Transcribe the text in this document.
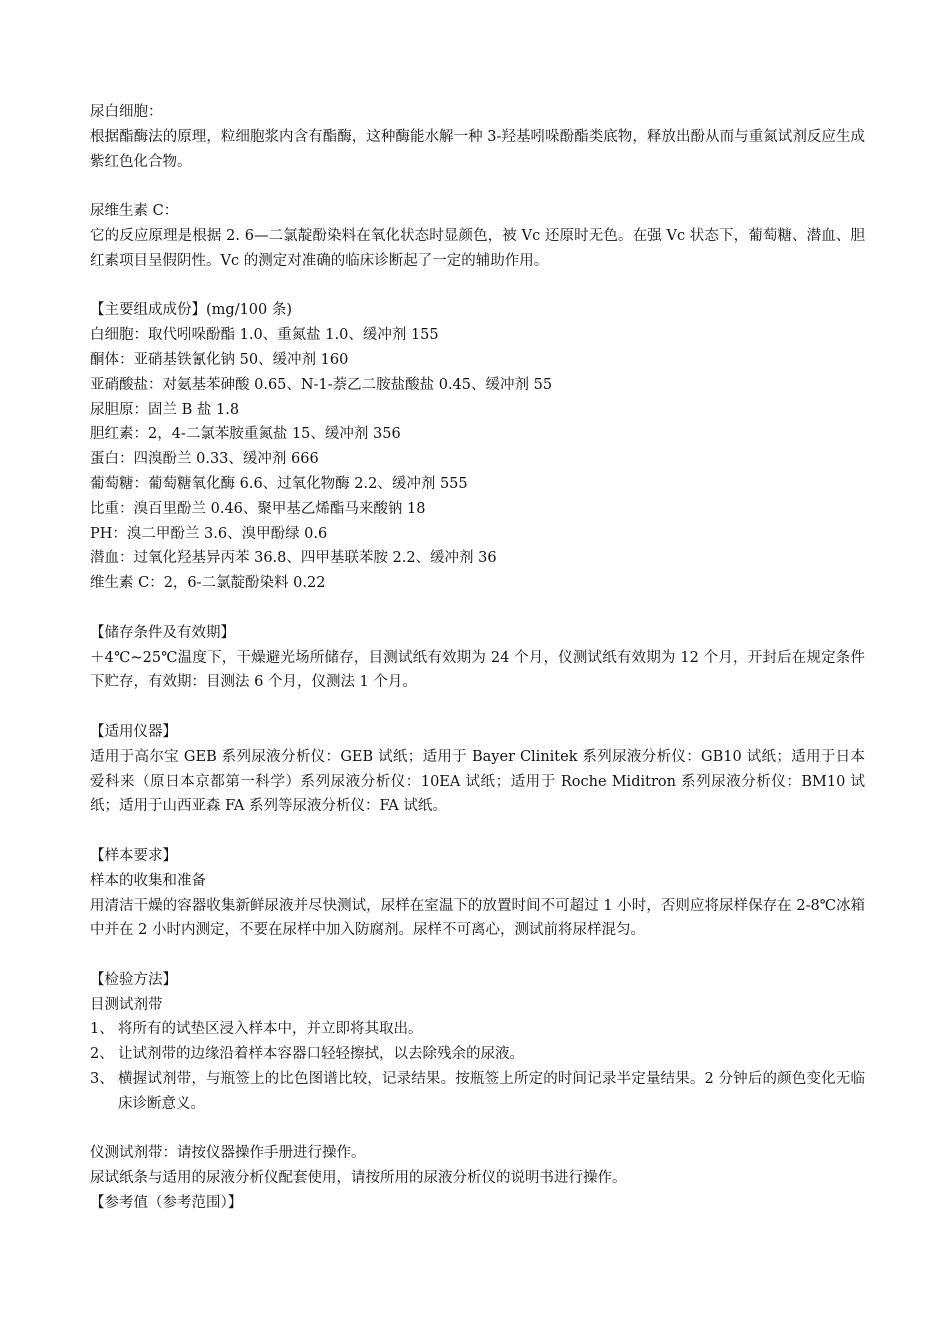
尿白细胞：

根据酯酶法的原理，粒细胞浆内含有酯酶，这种酶能水解一种 3-羟基吲哚酚酯类底物，释放出酚从而与重氮试剂反应生成紫红色化合物。

尿维生素 C：

它的反应原理是根据 2. 6—二氯靛酚染料在氧化状态时显颜色，被 Vc 还原时无色。在强 Vc 状态下，葡萄糖、潜血、胆红素项目呈假阴性。Vc 的测定对准确的临床诊断起了一定的辅助作用。

【主要组成成份】(mg/100 条)

白细胞：取代吲哚酚酯 1.0、重氮盐 1.0、缓冲剂 155

酮体：亚硝基铁氰化钠 50、缓冲剂 160

亚硝酸盐：对氨基苯砷酸 0.65、N-1-萘乙二胺盐酸盐 0.45、缓冲剂 55

尿胆原：固兰 B 盐 1.8

胆红素：2，4-二氯苯胺重氮盐 15、缓冲剂 356

蛋白：四溴酚兰 0.33、缓冲剂 666

葡萄糖：葡萄糖氧化酶 6.6、过氧化物酶 2.2、缓冲剂 555

比重：溴百里酚兰 0.46、聚甲基乙烯酯马来酸钠 18

PH：溴二甲酚兰 3.6、溴甲酚绿 0.6

潜血：过氧化羟基异丙苯 36.8、四甲基联苯胺 2.2、缓冲剂 36

维生素 C：2，6-二氯靛酚染料 0.22

【储存条件及有效期】

＋4℃~25℃温度下，干燥避光场所储存，目测试纸有效期为 24 个月，仪测试纸有效期为 12 个月，开封后在规定条件下贮存，有效期：目测法 6 个月，仪测法 1 个月。

【适用仪器】

适用于高尔宝 GEB 系列尿液分析仪：GEB 试纸；适用于 Bayer Clinitek 系列尿液分析仪：GB10 试纸；适用于日本爱科来（原日本京都第一科学）系列尿液分析仪：10EA 试纸；适用于 Roche Miditron 系列尿液分析仪：BM10 试纸；适用于山西亚森 FA 系列等尿液分析仪：FA 试纸。

【样本要求】

样本的收集和准备

用清洁干燥的容器收集新鲜尿液并尽快测试，尿样在室温下的放置时间不可超过 1 小时，否则应将尿样保存在 2-8℃冰箱中并在 2 小时内测定，不要在尿样中加入防腐剂。尿样不可离心，测试前将尿样混匀。

【检验方法】

目测试剂带

1、 将所有的试垫区浸入样本中，并立即将其取出。
2、 让试剂带的边缘沿着样本容器口轻轻擦拭，以去除残余的尿液。
3、 横握试剂带，与瓶签上的比色图谱比较，记录结果。按瓶签上所定的时间记录半定量结果。2 分钟后的颜色变化无临床诊断意义。

仪测试剂带：请按仪器操作手册进行操作。

尿试纸条与适用的尿液分析仪配套使用，请按所用的尿液分析仪的说明书进行操作。

【参考值（参考范围）】
